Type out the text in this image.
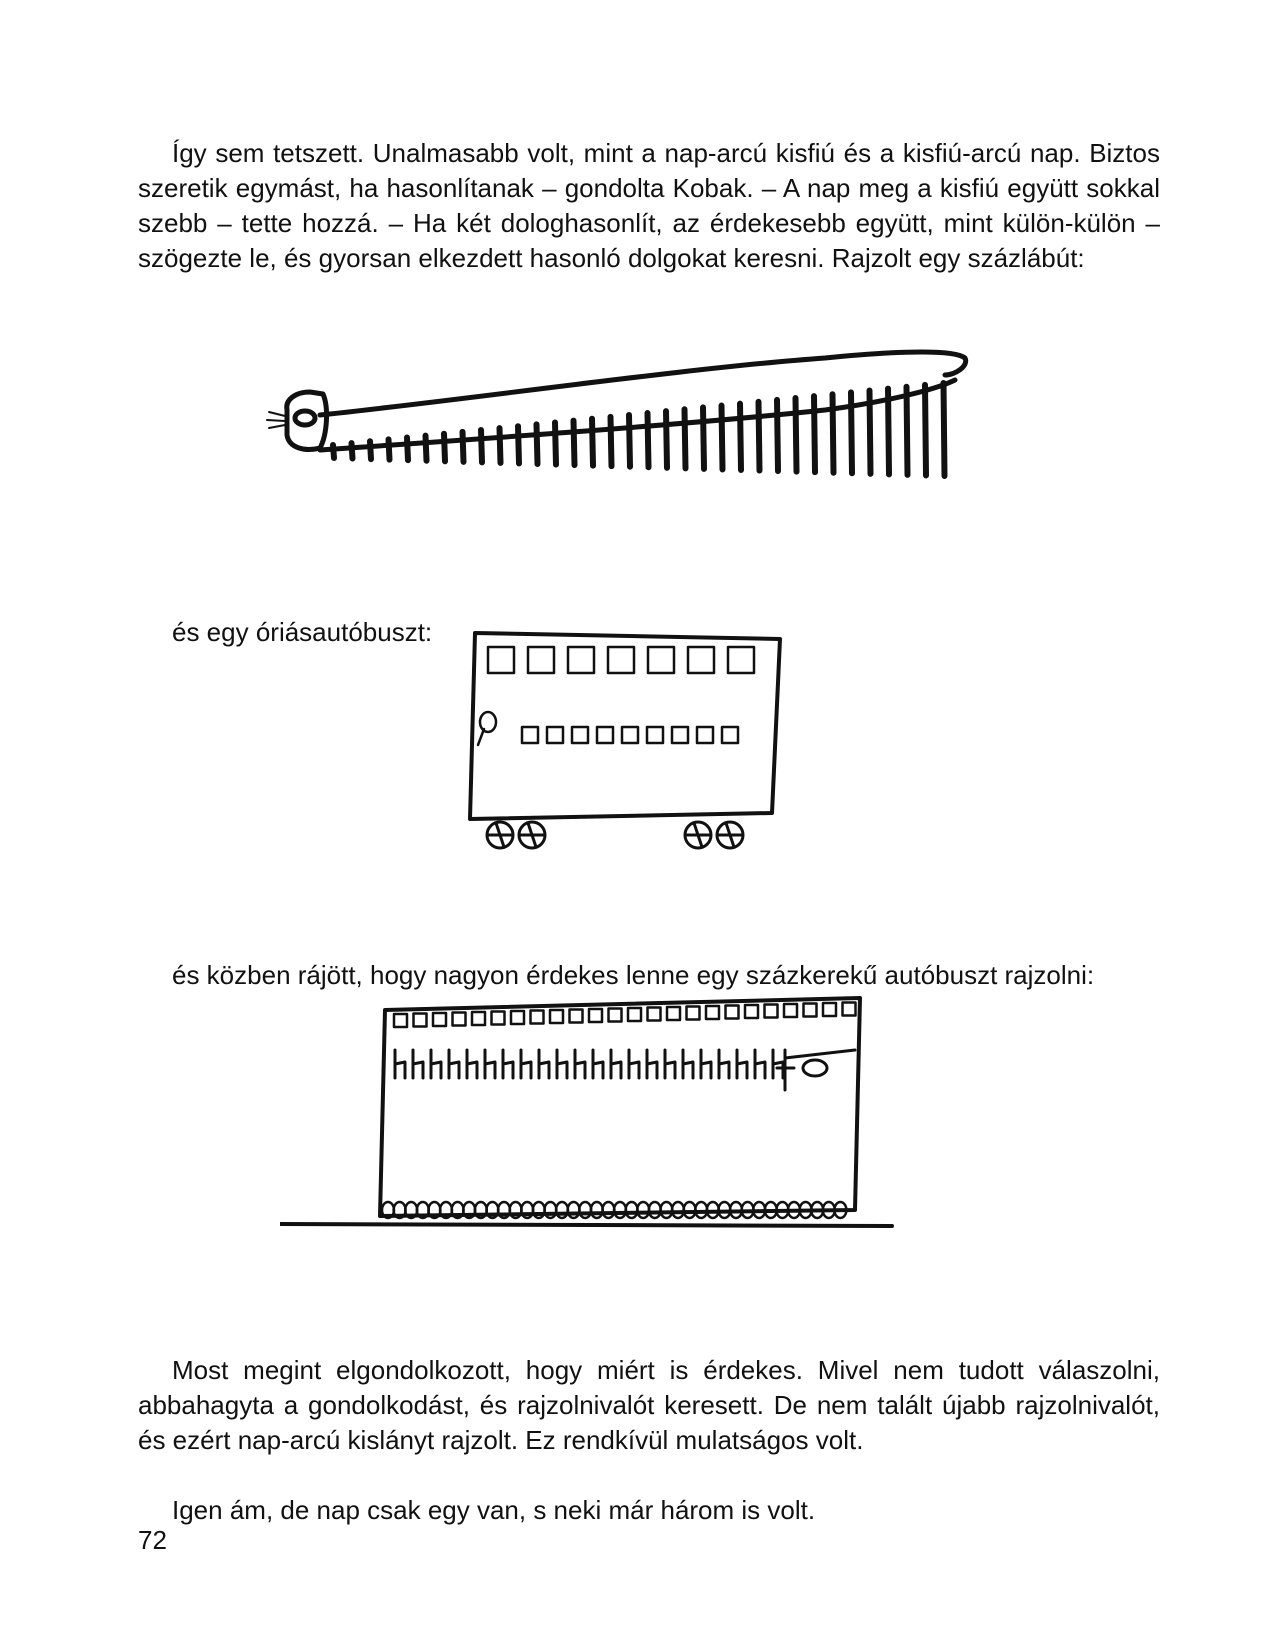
Így sem tetszett. Unalmasabb volt, mint a nap-arcú kisfiú és a kisfiú-arcú nap. Biztos szeretik egymást, ha hasonlítanak – gondolta Kobak. – A nap meg a kisfiú együtt sokkal szebb – tette hozzá. – Ha két dologhasonlít, az érdekesebb együtt, mint külön-külön – szögezte le, és gyorsan elkezdett hasonló dolgokat keresni. Rajzolt egy százlábút:

és egy óriásautóbuszt:

és közben rájött, hogy nagyon érdekes lenne egy százkerekű autóbuszt rajzolni:

Most megint elgondolkozott, hogy miért is érdekes. Mivel nem tudott válaszolni, abbahagyta a gondolkodást, és rajzolnivalót keresett. De nem talált újabb rajzolnivalót, és ezért nap-arcú kislányt rajzolt. Ez rendkívül mulatságos volt.

Igen ám, de nap csak egy van, s neki már három is volt.

72
